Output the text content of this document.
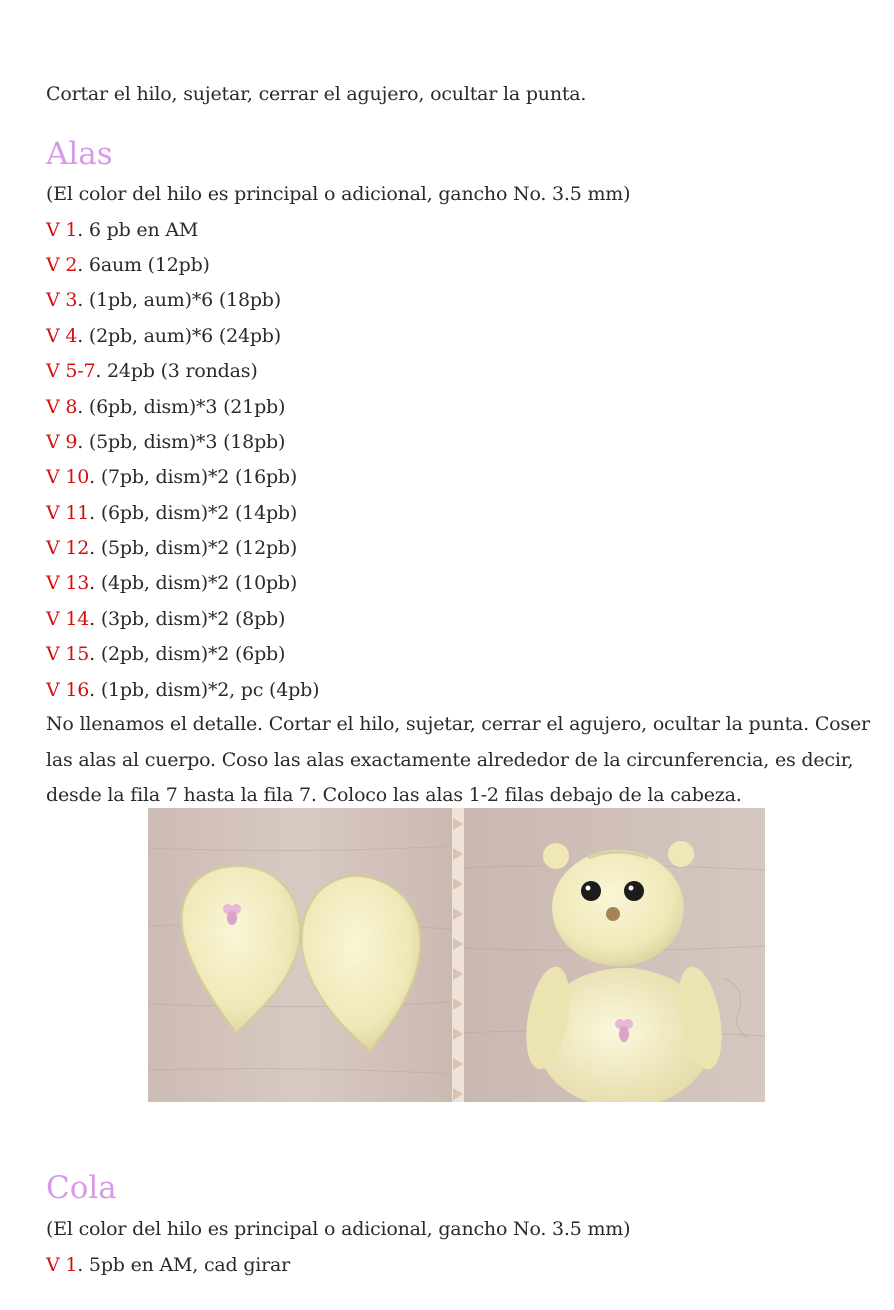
Cortar el hilo, sujetar, cerrar el agujero, ocultar la punta.
Alas
(El color del hilo es principal o adicional, gancho No. 3.5 mm)
V 1. 6 pb en AM
V 2. 6aum (12pb)
V 3. (1pb, aum)*6 (18pb)
V 4. (2pb, aum)*6 (24pb)
V 5-7. 24pb (3 rondas)
V 8. (6pb, dism)*3 (21pb)
V 9. (5pb, dism)*3 (18pb)
V 10. (7pb, dism)*2 (16pb)
V 11. (6pb, dism)*2 (14pb)
V 12. (5pb, dism)*2 (12pb)
V 13. (4pb, dism)*2 (10pb)
V 14. (3pb, dism)*2 (8pb)
V 15. (2pb, dism)*2 (6pb)
V 16. (1pb, dism)*2, pc (4pb)
No llenamos el detalle. Cortar el hilo, sujetar, cerrar el agujero, ocultar la punta. Coser las alas al cuerpo. Coso las alas exactamente alrededor de la circunferencia, es decir, desde la fila 7 hasta la fila 7. Coloco las alas 1-2 filas debajo de la cabeza.
Cola
(El color del hilo es principal o adicional, gancho No. 3.5 mm)
V 1. 5pb en AM, cad girar
